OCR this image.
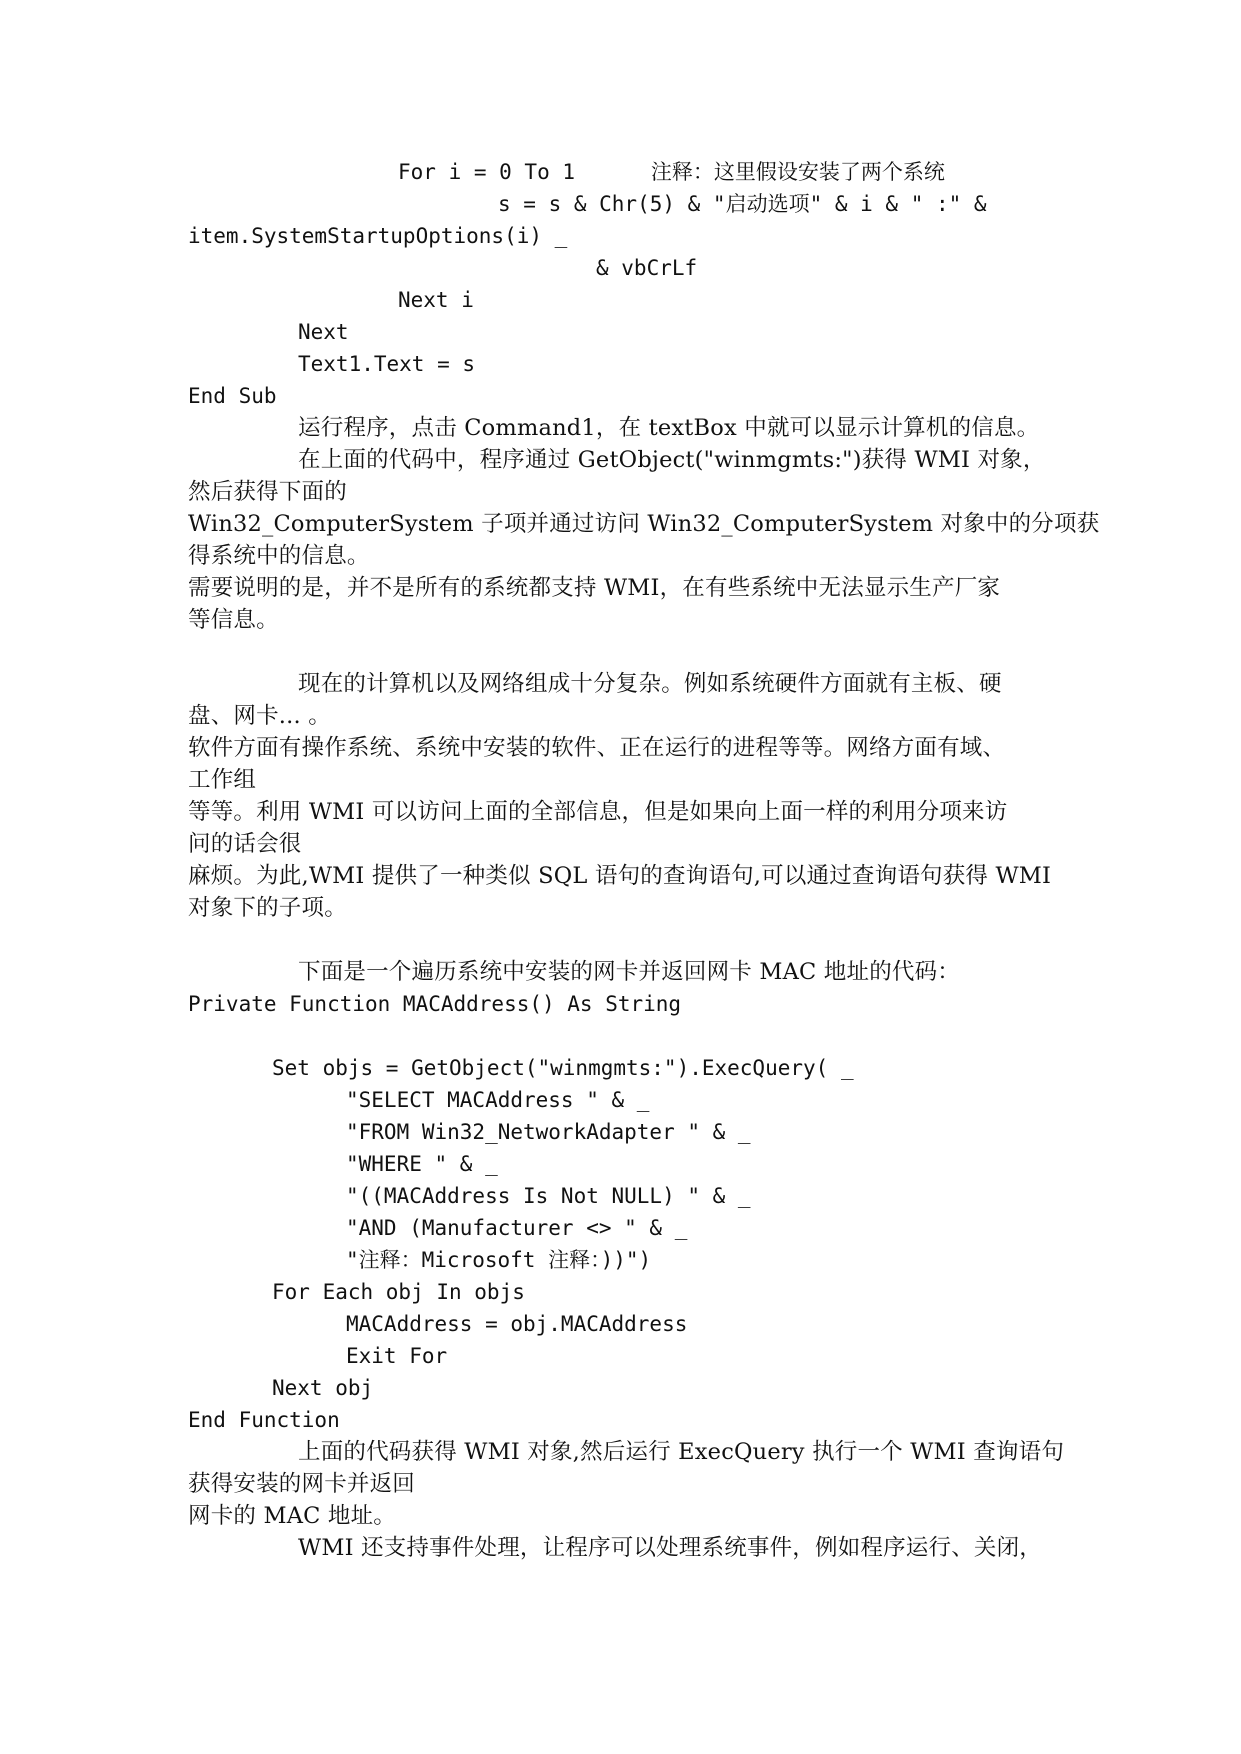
For i = 0 To 1      注释：这里假设安装了两个系统
s = s & Chr(5) & "启动选项" & i & " :" &
item.SystemStartupOptions(i) _
& vbCrLf
Next i
Next
Text1.Text = s
End Sub
运行程序，点击 Command1，在 textBox 中就可以显示计算机的信息。
在上面的代码中，程序通过 GetObject("winmgmts:")获得 WMI 对象，
然后获得下面的
Win32_ComputerSystem 子项并通过访问 Win32_ComputerSystem 对象中的分项获
得系统中的信息。
需要说明的是，并不是所有的系统都支持 WMI，在有些系统中无法显示生产厂家
等信息。
现在的计算机以及网络组成十分复杂。例如系统硬件方面就有主板、硬
盘、网卡... 。
软件方面有操作系统、系统中安装的软件、正在运行的进程等等。网络方面有域、
工作组
等等。利用 WMI 可以访问上面的全部信息，但是如果向上面一样的利用分项来访
问的话会很
麻烦。为此,WMI 提供了一种类似 SQL 语句的查询语句,可以通过查询语句获得 WMI
对象下的子项。
下面是一个遍历系统中安装的网卡并返回网卡 MAC 地址的代码：
Private Function MACAddress() As String
Set objs = GetObject("winmgmts:").ExecQuery( _
"SELECT MACAddress " & _
"FROM Win32_NetworkAdapter " & _
"WHERE " & _
"((MACAddress Is Not NULL) " & _
"AND (Manufacturer <> " & _
"注释：Microsoft 注释：))")
For Each obj In objs
MACAddress = obj.MACAddress
Exit For
Next obj
End Function
上面的代码获得 WMI 对象,然后运行 ExecQuery 执行一个 WMI 查询语句
获得安装的网卡并返回
网卡的 MAC 地址。
WMI 还支持事件处理，让程序可以处理系统事件，例如程序运行、关闭，
